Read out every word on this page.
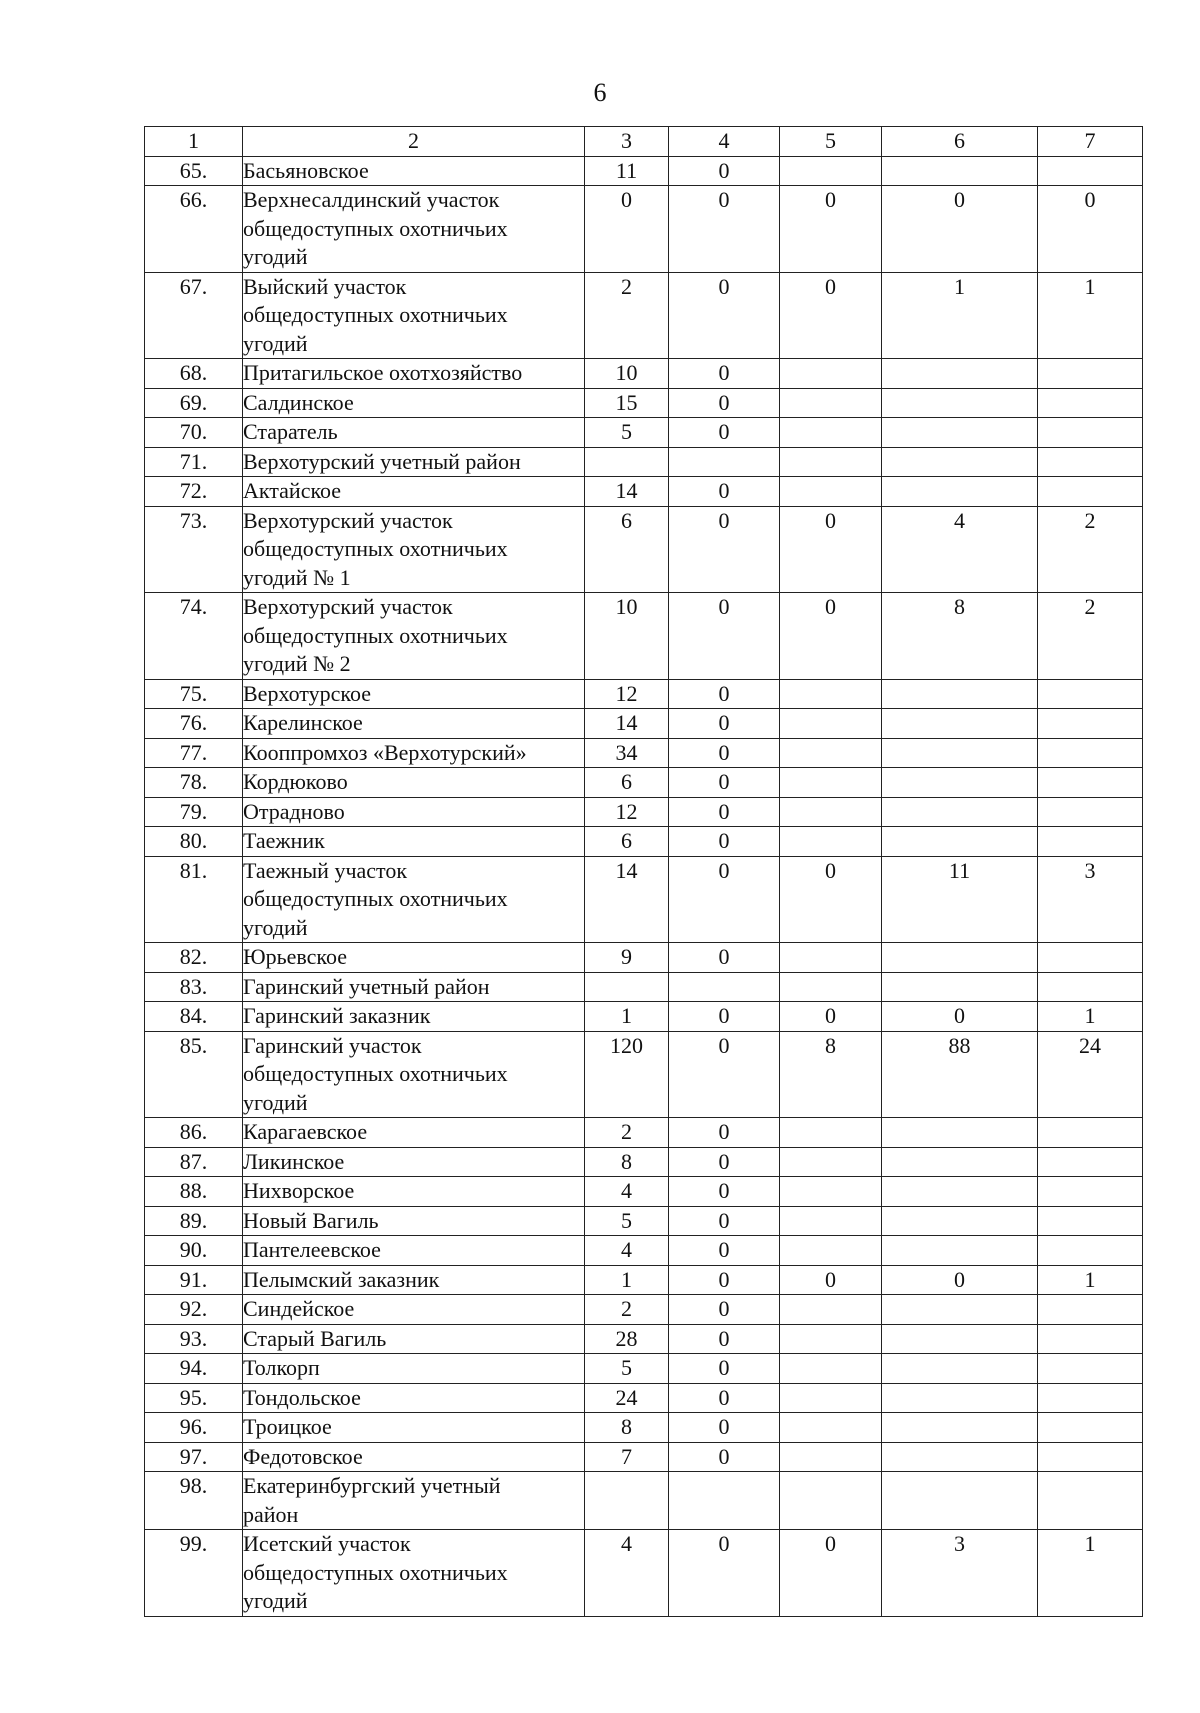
6
1	2	3	4	5	6	7
65.	Басьяновское	11	0			
66.	Верхнесалдинский участок
общедоступных охотничьих
угодий	0	0	0	0	0
67.	Выйский участок
общедоступных охотничьих
угодий	2	0	0	1	1
68.	Притагильское охотхозяйство	10	0			
69.	Салдинское	15	0			
70.	Старатель	5	0			
71.	Верхотурский учетный район					

72.	Актайское	14	0			
73.	Верхотурский участок
общедоступных охотничьих
угодий № 1	6	0	0	4	2
74.	Верхотурский участок
общедоступных охотничьих
угодий № 2	10	0	0	8	2
75.	Верхотурское	12	0			
76.	Карелинское	14	0			
77.	Кооппромхоз «Верхотурский»	34	0			
78.	Кордюково	6	0			
79.	Отрадново	12	0			
80.	Таежник	6	0			
81.	Таежный участок
общедоступных охотничьих
угодий	14	0	0	11	3
82.	Юрьевское	9	0			
83.	Гаринский учетный район					

84.	Гаринский заказник	1	0	0	0	1
85.	Гаринский участок
общедоступных охотничьих
угодий	120	0	8	88	24
86.	Карагаевское	2	0			
87.	Ликинское	8	0			
88.	Нихворское	4	0			
89.	Новый Вагиль	5	0			
90.	Пантелеевское	4	0			
91.	Пелымский заказник	1	0	0	0	1
92.	Синдейское	2	0			
93.	Старый Вагиль	28	0			
94.	Толкорп	5	0			
95.	Тондольское	24	0			
96.	Троицкое	8	0			
97.	Федотовское	7	0			
98.	Екатеринбургский учетный
район					

99.	Исетский участок
общедоступных охотничьих
угодий	4	0	0	3	1
